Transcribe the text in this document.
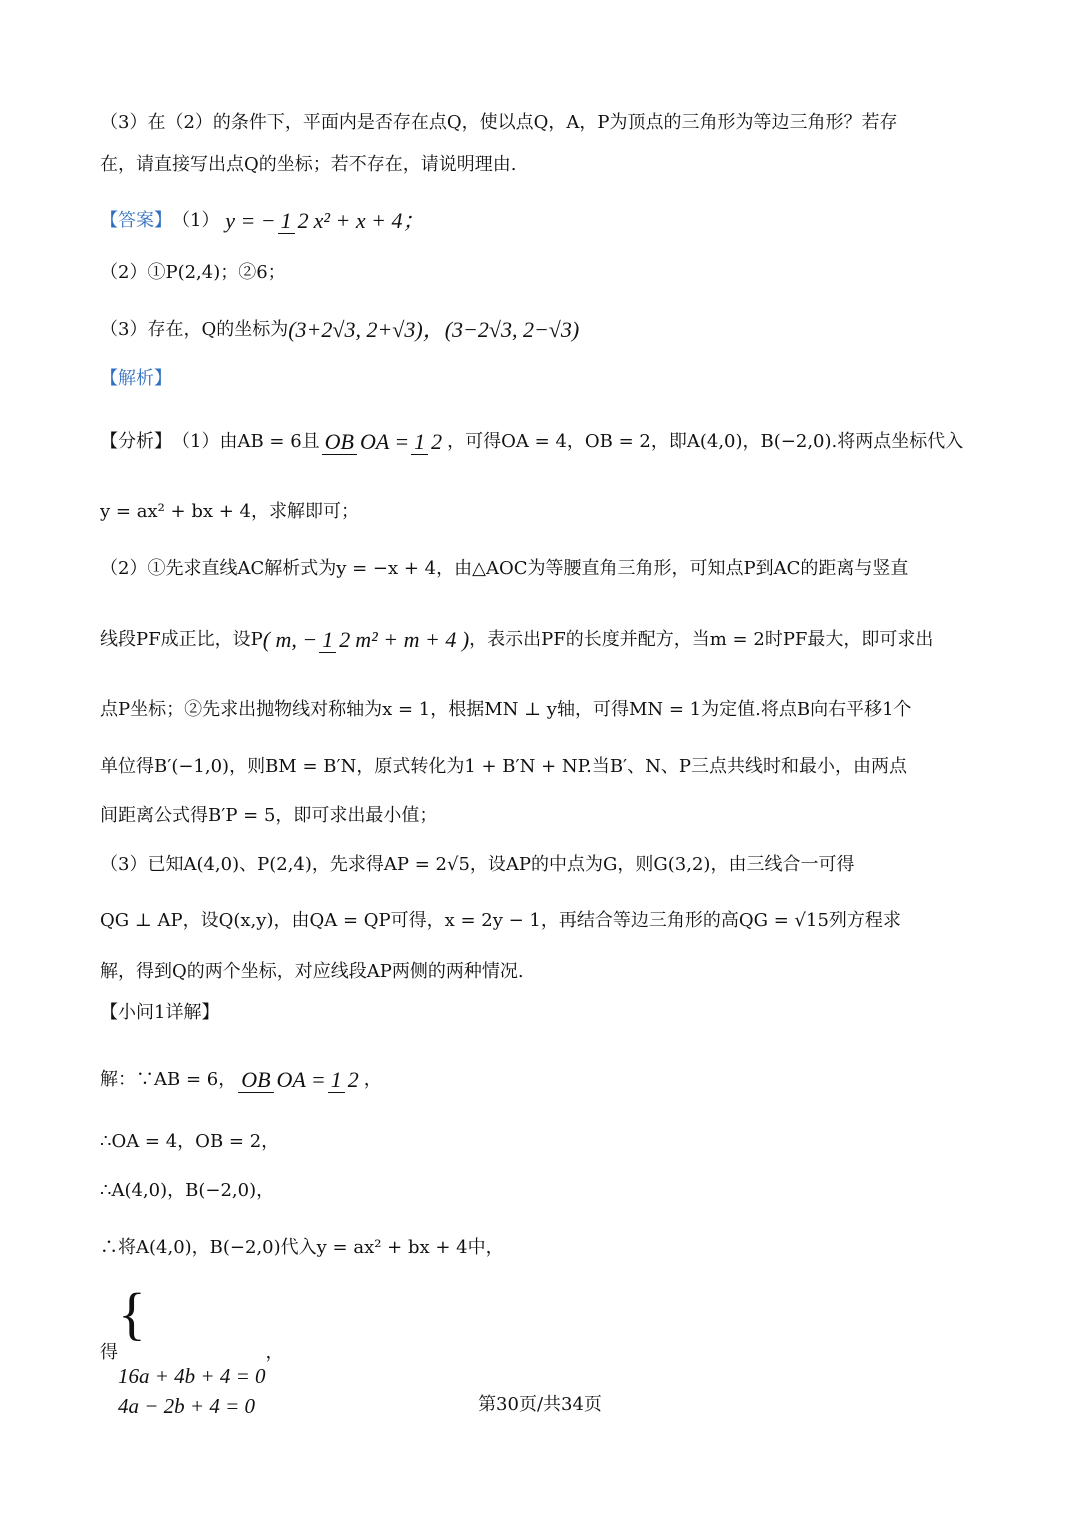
（3）在（2）的条件下，平面内是否存在点Q，使以点Q，A，P为顶点的三角形为等边三角形？若存
在，请直接写出点Q的坐标；若不存在，请说明理由.
【答案】（1） y = − 1 2 x² + x + 4；
（2）①P(2,4)；②6；
（3）存在，Q的坐标为(3+2√3, 2+√3)，(3−2√3, 2−√3)
【解析】
【分析】（1）由AB = 6且 OB OA = 1 2 ，可得OA = 4，OB = 2，即A(4,0)，B(−2,0).将两点坐标代入
y = ax² + bx + 4，求解即可；
（2）①先求直线AC解析式为y = −x + 4，由△AOC为等腰直角三角形，可知点P到AC的距离与竖直
线段PF成正比，设P( m, − 1 2 m² + m + 4 )，表示出PF的长度并配方，当m = 2时PF最大，即可求出
点P坐标；②先求出抛物线对称轴为x = 1，根据MN ⊥ y轴，可得MN = 1为定值.将点B向右平移1个
单位得B′(−1,0)，则BM = B′N，原式转化为1 + B′N + NP.当B′、N、P三点共线时和最小，由两点
间距离公式得B′P = 5，即可求出最小值；
（3）已知A(4,0)、P(2,4)，先求得AP = 2√5，设AP的中点为G，则G(3,2)，由三线合一可得
QG ⊥ AP，设Q(x,y)，由QA = QP可得，x = 2y − 1，再结合等边三角形的高QG = √15列方程求
解，得到Q的两个坐标，对应线段AP两侧的两种情况.
【小问1详解】
解：∵AB = 6， OB OA = 1 2 ，
∴OA = 4，OB = 2，
∴A(4,0)，B(−2,0)，
∴将A(4,0)，B(−2,0)代入y = ax² + bx + 4中，
得{
16a + 4b + 4 = 0
4a − 2b + 4 = 0
，
第30页/共34页
